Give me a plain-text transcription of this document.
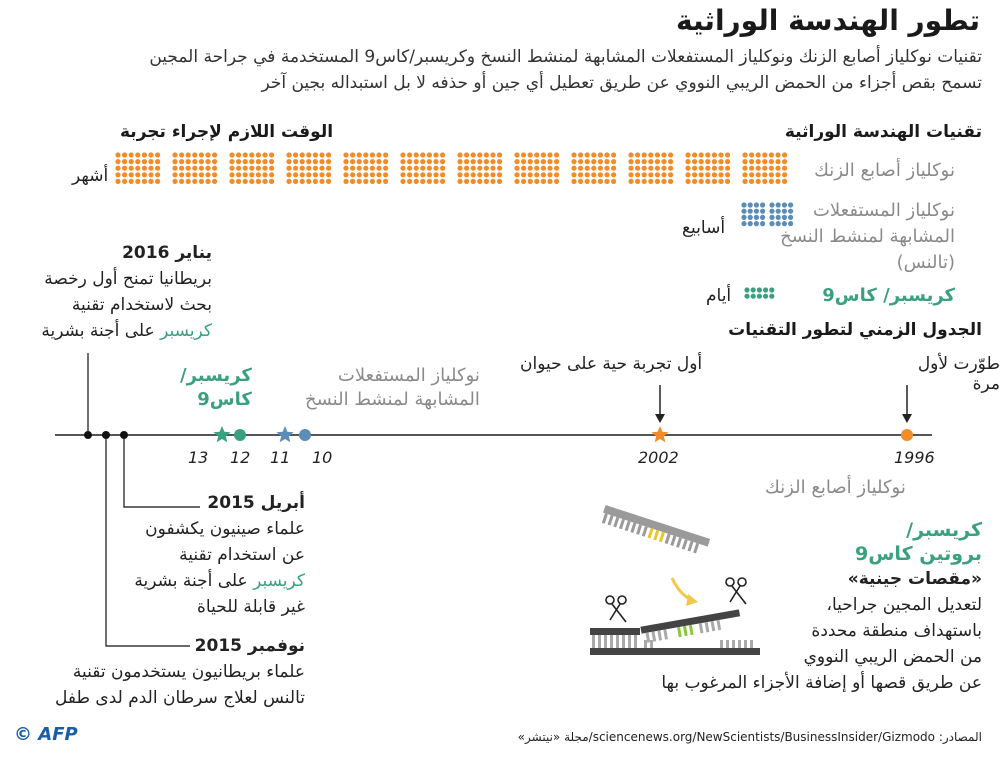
تطور الهندسة الوراثية
تقنيات نوكلياز أصابع الزنك ونوكلياز المستفعلات المشابهة لمنشط النسخ وكريسبر/كاس9 المستخدمة في جراحة المجين
تسمح بقص أجزاء من الحمض الريبي النووي عن طريق تعطيل أي جين أو حذفه لا بل استبداله بجين آخر
تقنيات الهندسة الوراثية
الوقت اللازم لإجراء تجربة
نوكلياز أصابع الزنك
أشهر
نوكلياز المستفعلات
المشابهة لمنشط النسخ
(تالنس)
أسابيع
كريسبر/ كاس9
أيام
الجدول الزمني لتطور التقنيات
طوّرت لأول مرة
أول تجربة حية على حيوان
نوكلياز المستفعلات
المشابهة لمنشط النسخ
كريسبر/
كاس9
نوكلياز أصابع الزنك
1996
2002
10
11
12
13
يناير 2016
بريطانيا تمنح أول رخصة
بحث لاستخدام تقنية
كريسبر على أجنة بشرية
أبريل 2015
علماء صينيون يكشفون
عن استخدام تقنية
كريسبر على أجنة بشرية
غير قابلة للحياة
نوفمبر 2015
علماء بريطانيون يستخدمون تقنية
تالنس لعلاج سرطان الدم لدى طفل
كريسبر/
بروتين كاس9
«مقصات جينية»
لتعديل المجين جراحيا،
باستهداف منطقة محددة
من الحمض الريبي النووي
عن طريق قصها أو إضافة الأجزاء المرغوب بها
المصادر: sciencenews.org/NewScientists/BusinessInsider/Gizmodo/مجلة «نيتشر»
© AFP
